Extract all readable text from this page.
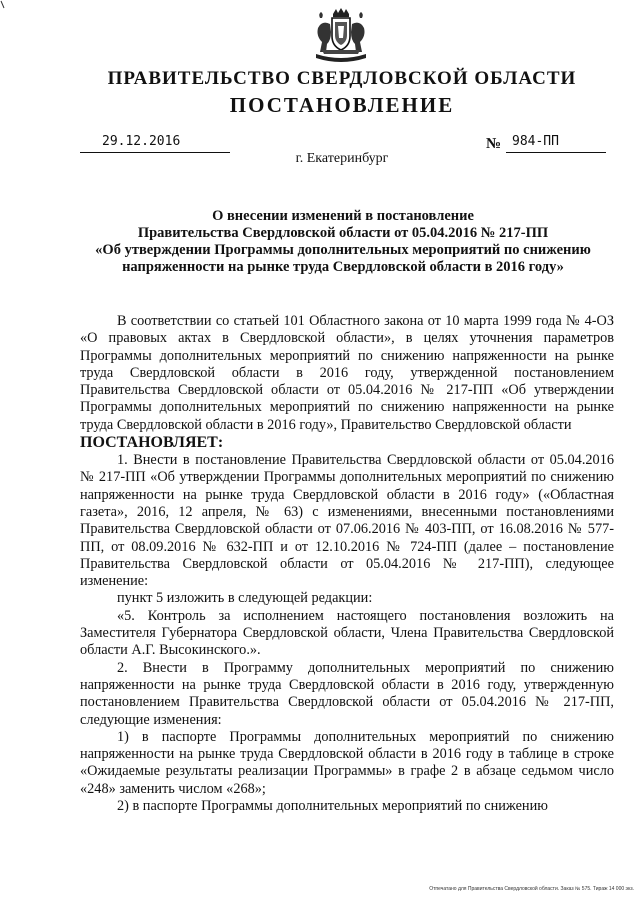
ПРАВИТЕЛЬСТВО СВЕРДЛОВСКОЙ ОБЛАСТИ
ПОСТАНОВЛЕНИЕ
29.12.2016	№ 984-ПП
г. Екатеринбург
О внесении изменений в постановление
Правительства Свердловской области от 05.04.2016 № 217-ПП
«Об утверждении Программы дополнительных мероприятий по снижению
напряженности на рынке труда Свердловской области в 2016 году»

В соответствии со статьей 101 Областного закона от 10 марта 1999 года № 4-ОЗ «О правовых актах в Свердловской области», в целях уточнения параметров Программы дополнительных мероприятий по снижению напряженности на рынке труда Свердловской области в 2016 году, утвержденной постановлением Правительства Свердловской области от 05.04.2016 № 217-ПП «Об утверждении Программы дополнительных мероприятий по снижению напряженности на рынке труда Свердловской области в 2016 году», Правительство Свердловской области

ПОСТАНОВЛЯЕТ:

1. Внести в постановление Правительства Свердловской области от 05.04.2016 № 217-ПП «Об утверждении Программы дополнительных мероприятий по снижению напряженности на рынке труда Свердловской области в 2016 году» («Областная газета», 2016, 12 апреля, № 63) с изменениями, внесенными постановлениями Правительства Свердловской области от 07.06.2016 № 403-ПП, от 16.08.2016 № 577-ПП, от 08.09.2016 № 632-ПП и от 12.10.2016 № 724-ПП (далее – постановление Правительства Свердловской области от 05.04.2016 № 217-ПП), следующее изменение:

пункт 5 изложить в следующей редакции:

«5. Контроль за исполнением настоящего постановления возложить на Заместителя Губернатора Свердловской области, Члена Правительства Свердловской области А.Г. Высокинского.».

2. Внести в Программу дополнительных мероприятий по снижению напряженности на рынке труда Свердловской области в 2016 году, утвержденную постановлением Правительства Свердловской области от 05.04.2016 № 217-ПП, следующие изменения:

1) в паспорте Программы дополнительных мероприятий по снижению напряженности на рынке труда Свердловской области в 2016 году в таблице в строке «Ожидаемые результаты реализации Программы» в графе 2 в абзаце седьмом число «248» заменить числом «268»;

2) в паспорте Программы дополнительных мероприятий по снижению

Отпечатано для Правительства Свердловской области. Заказ № 575. Тираж 14 000 экз.
